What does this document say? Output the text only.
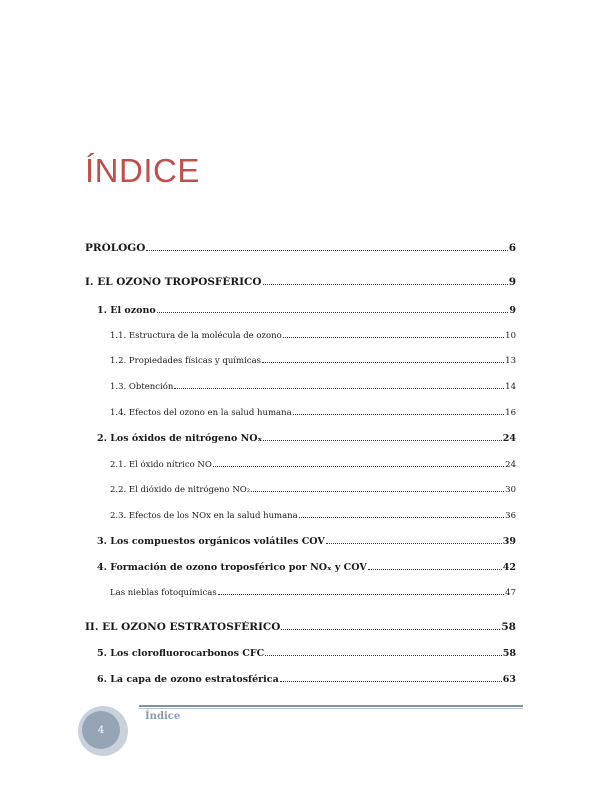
ÍNDICE
PRÓLOGO	6
I. EL OZONO TROPOSFÉRICO	9
1. El ozono	9
1.1. Estructura de la molécula de ozono	10
1.2. Propiedades físicas y químicas	13
1.3. Obtención	14
1.4. Efectos del ozono en la salud humana	16
2. Los óxidos de nitrógeno NOₓ	24
2.1. El óxido nítrico NO	24
2.2. El dióxido de nitrógeno NO₂	30
2.3. Efectos de los NOx en la salud humana	36
3. Los compuestos orgánicos volátiles COV	39
4. Formación de ozono troposférico por NOₓ y COV	42
Las nieblas fotoquímicas	47
II. EL OZONO ESTRATOSFÉRICO	58
5. Los clorofluorocarbonos CFC	58
6. La capa de ozono estratosférica	63
Índice
4
